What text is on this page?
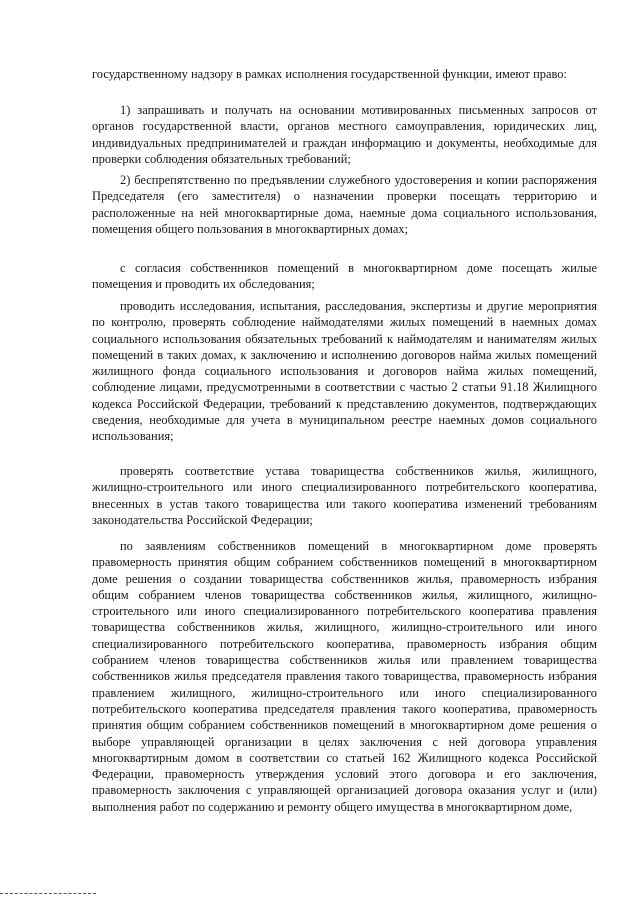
государственному надзору в рамках исполнения государственной функции, имеют право:

1) запрашивать и получать на основании мотивированных письменных запросов от органов государственной власти, органов местного самоуправления, юридических лиц, индивидуальных предпринимателей и граждан информацию и документы, необходимые для проверки соблюдения обязательных требований;

2) беспрепятственно по предъявлении служебного удостоверения и копии распоряжения Председателя (его заместителя) о назначении проверки посещать территорию и расположенные на ней многоквартирные дома, наемные дома социального использования, помещения общего пользования в многоквартирных домах;

с согласия собственников помещений в многоквартирном доме посещать жилые помещения и проводить их обследования;

проводить исследования, испытания, расследования, экспертизы и другие мероприятия по контролю, проверять соблюдение наймодателями жилых помещений в наемных домах социального использования обязательных требований к наймодателям и нанимателям жилых помещений в таких домах, к заключению и исполнению договоров найма жилых помещений жилищного фонда социального использования и договоров найма жилых помещений, соблюдение лицами, предусмотренными в соответствии с частью 2 статьи 91.18 Жилищного кодекса Российской Федерации, требований к представлению документов, подтверждающих сведения, необходимые для учета в муниципальном реестре наемных домов социального использования;

проверять соответствие устава товарищества собственников жилья, жилищного, жилищно-строительного или иного специализированного потребительского кооператива, внесенных в устав такого товарищества или такого кооператива изменений требованиям законодательства Российской Федерации;

по заявлениям собственников помещений в многоквартирном доме проверять правомерность принятия общим собранием собственников помещений в многоквартирном доме решения о создании товарищества собственников жилья, правомерность избрания общим собранием членов товарищества собственников жилья, жилищного, жилищно-строительного или иного специализированного потребительского кооператива правления товарищества собственников жилья, жилищного, жилищно-строительного или иного специализированного потребительского кооператива, правомерность избрания общим собранием членов товарищества собственников жилья или правлением товарищества собственников жилья председателя правления такого товарищества, правомерность избрания правлением жилищного, жилищно-строительного или иного специализированного потребительского кооператива председателя правления такого кооператива, правомерность принятия общим собранием собственников помещений в многоквартирном доме решения о выборе управляющей организации в целях заключения с ней договора управления многоквартирным домом в соответствии со статьей 162 Жилищного кодекса Российской Федерации, правомерность утверждения условий этого договора и его заключения, правомерность заключения с управляющей организацией договора оказания услуг и (или) выполнения работ по содержанию и ремонту общего имущества в многоквартирном доме,
